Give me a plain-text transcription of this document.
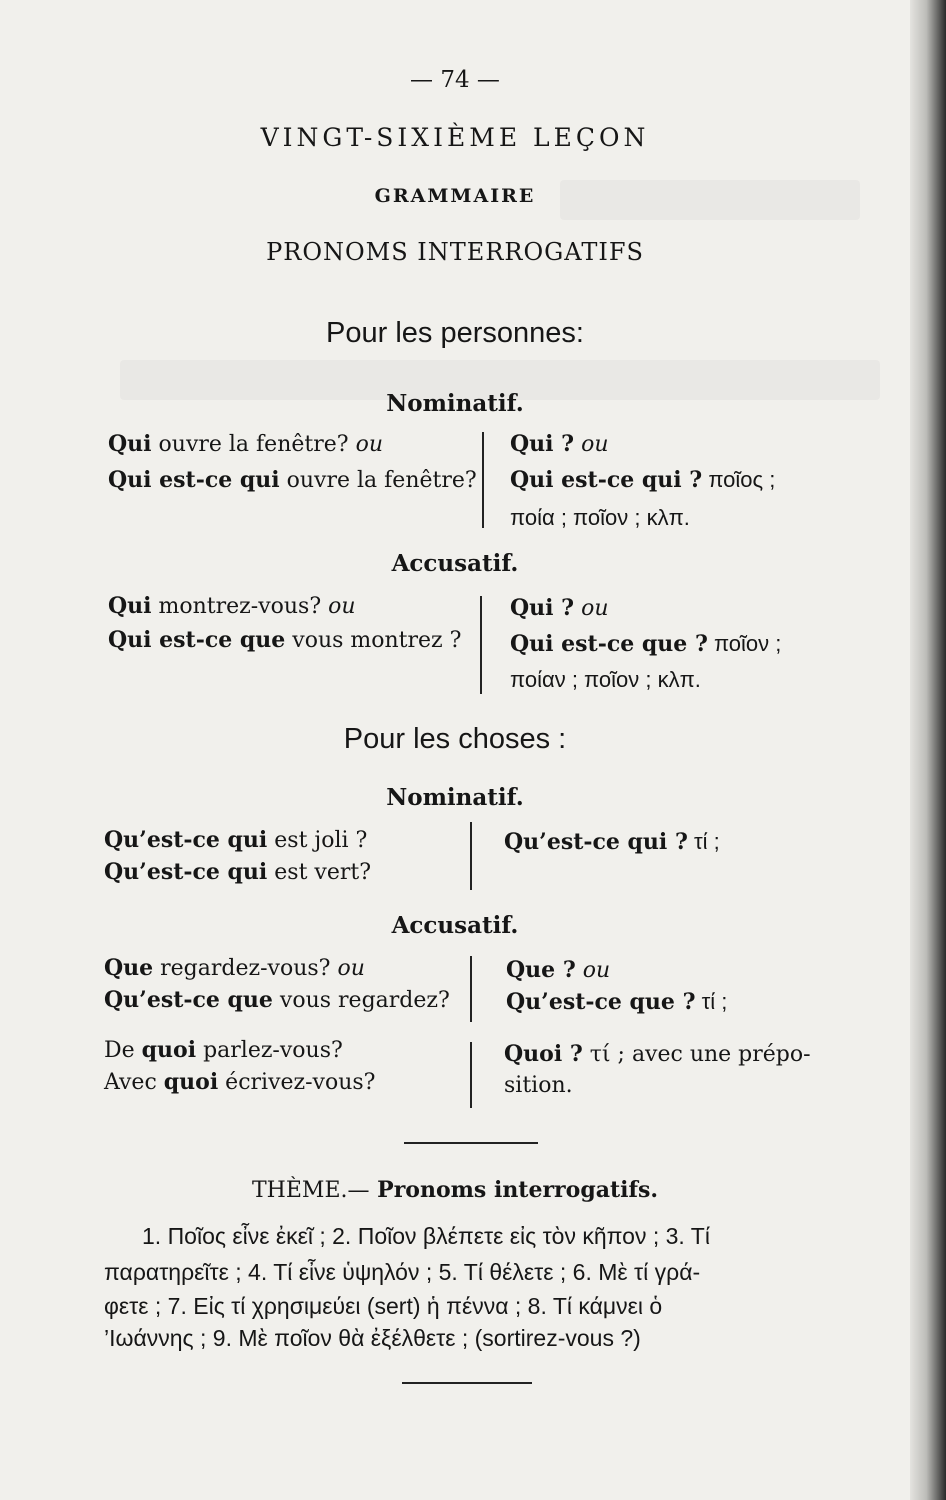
— 74 —
VINGT-SIXIÈME LEÇON
GRAMMAIRE
PRONOMS INTERROGATIFS
Pour les personnes:
Nominatif.
Qui ouvre la fenêtre? ou
Qui est-ce qui ouvre la fenêtre?
Qui ? ou
Qui est-ce qui ? ποῖος ;
ποία ; ποῖον ; κλπ.
Accusatif.
Qui montrez-vous? ou
Qui est-ce que vous montrez ?
Qui ? ou
Qui est-ce que ? ποῖον ;
ποίαν ; ποῖον ; κλπ.
Pour les choses :
Nominatif.
Qu’est-ce qui est joli ?
Qu’est-ce qui est vert?
Qu’est-ce qui ? τί ;
Accusatif.
Que regardez-vous? ou
Qu’est-ce que vous regardez?
Que ? ou
Qu’est-ce que ? τί ;
De quoi parlez-vous?
Avec quoi écrivez-vous?
Quoi ? τί ; avec une prépo-
sition.
THÈME.— Pronoms interrogatifs.
1. Ποῖος εἶνε ἐκεῖ ; 2. Ποῖον βλέπετε εἰς τὸν κῆπον ; 3. Τί
παρατηρεῖτε ; 4. Τί εἶνε ὑψηλόν ; 5. Τί θέλετε ; 6. Μὲ τί γρά-
φετε ; 7. Εἰς τί χρησιμεύει (sert) ἡ πέννα ; 8. Τί κάμνει ὁ
’Ιωάννης ; 9. Μὲ ποῖον θὰ ἐξέλθετε ; (sortirez-vous ?)
